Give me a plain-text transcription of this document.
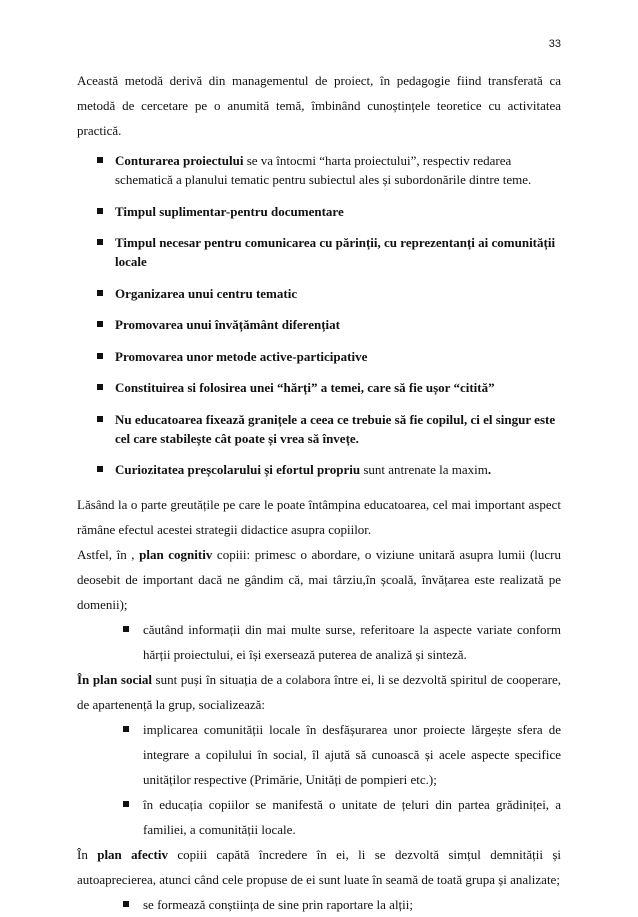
33

Această metodă derivă din managementul de proiect, în pedagogie fiind transferată ca metodă de cercetare pe o anumită temă, îmbinând cunoștințele teoretice cu activitatea practică.

Conturarea proiectului se va întocmi “harta proiectului”, respectiv redarea schematică a planului tematic pentru subiectul ales și subordonările dintre teme.
Timpul suplimentar-pentru documentare
Timpul necesar pentru comunicarea cu părinții, cu reprezentanți ai comunității locale
Organizarea unui centru tematic
Promovarea unui învățământ diferențiat
Promovarea unor metode active-participative
Constituirea si folosirea unei “hărți” a temei, care să fie ușor “citită”
Nu educatoarea fixează granițele a ceea ce trebuie să fie copilul, ci el singur este cel care stabilește cât poate și vrea să învețe.
Curiozitatea preșcolarului și efortul propriu sunt antrenate la maxim.

Lăsând la o parte greutățile pe care le poate întâmpina educatoarea, cel mai important aspect rămâne efectul acestei strategii didactice asupra copiilor.

Astfel, în , plan cognitiv copiii: primesc o abordare, o viziune unitară asupra lumii (lucru deosebit de important dacă ne gândim că, mai târziu,în școală, învățarea este realizată pe domenii);

căutând informații din mai multe surse, referitoare la aspecte variate conform hărții proiectului, ei își exersează puterea de analiză și sinteză.

În plan social sunt puși în situația de a colabora între ei, li se dezvoltă spiritul de cooperare, de apartenență la grup, socializează:

implicarea comunității locale în desfășurarea unor proiecte lărgește sfera de integrare a copilului în social, îl ajută să cunoască și acele aspecte specifice unităților respective (Primărie, Unități de pompieri etc.);
în educația copiilor se manifestă o unitate de țeluri din partea grădiniței, a familiei, a comunității locale.

În plan afectiv copiii capătă încredere în ei, li se dezvoltă simțul demnității și autoaprecierea, atunci când cele propuse de ei sunt luate în seamă de toată grupa și analizate;

se formează conștiința de sine prin raportare la alții;
